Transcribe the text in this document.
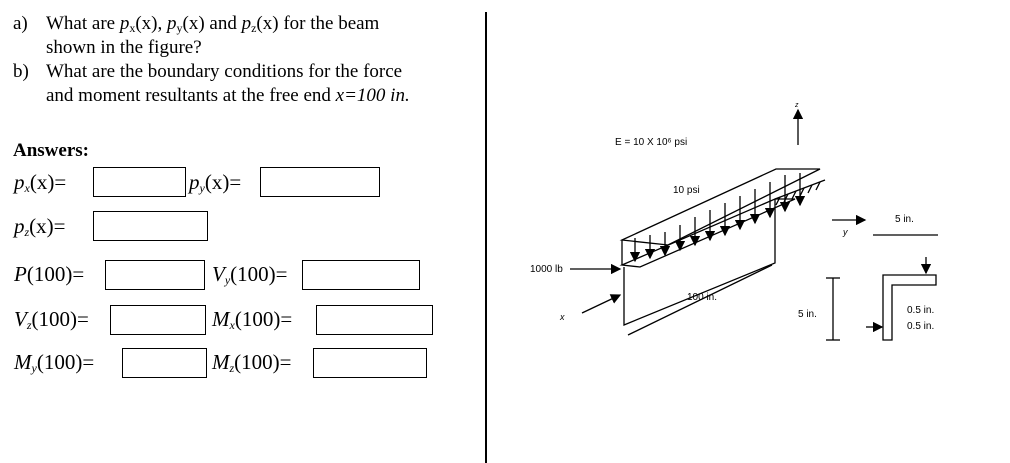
a) What are $p_x(x)$, $p_y(x)$ and $p_z(x)$ for the beam
shown in the figure?
b) What are the boundary conditions for the force
and moment resultants at the free end x=100 in.
Answers:
$p_x(x)=$	$p_y(x)=$
$p_z(x)=$
P(100)=	$V_y(100)=$
$V_z(100)=$	$M_x(100)=$
$M_y(100)=$	$M_z(100)=$
E = 10 X 10⁶ psi
10 psi
1000 lb
100 in.
z
y
x
5 in.
5 in.	0.5 in.
0.5 in.
